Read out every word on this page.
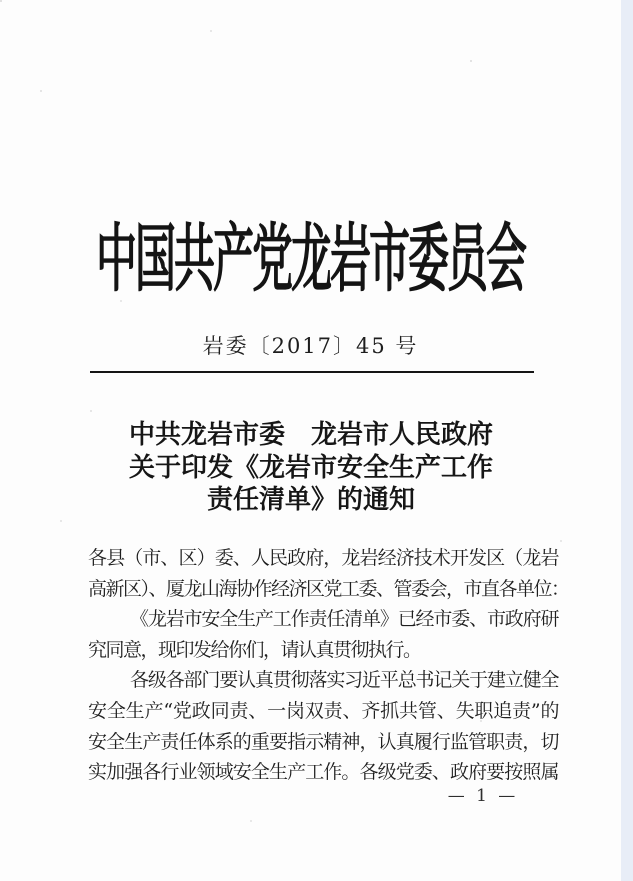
中国共产党龙岩市委员会
岩委〔2017〕45 号
中共龙岩市委　龙岩市人民政府
关于印发《龙岩市安全生产工作
责任清单》的通知
各县（市、区）委、人民政府，龙岩经济技术开发区（龙岩
高新区）、厦龙山海协作经济区党工委、管委会，市直各单位：
《龙岩市安全生产工作责任清单》已经市委、市政府研
究同意，现印发给你们，请认真贯彻执行。
各级各部门要认真贯彻落实习近平总书记关于建立健全
安全生产“党政同责、一岗双责、齐抓共管、失职追责”的
安全生产责任体系的重要指示精神，认真履行监管职责，切
实加强各行业领域安全生产工作。各级党委、政府要按照属
— 1 —
